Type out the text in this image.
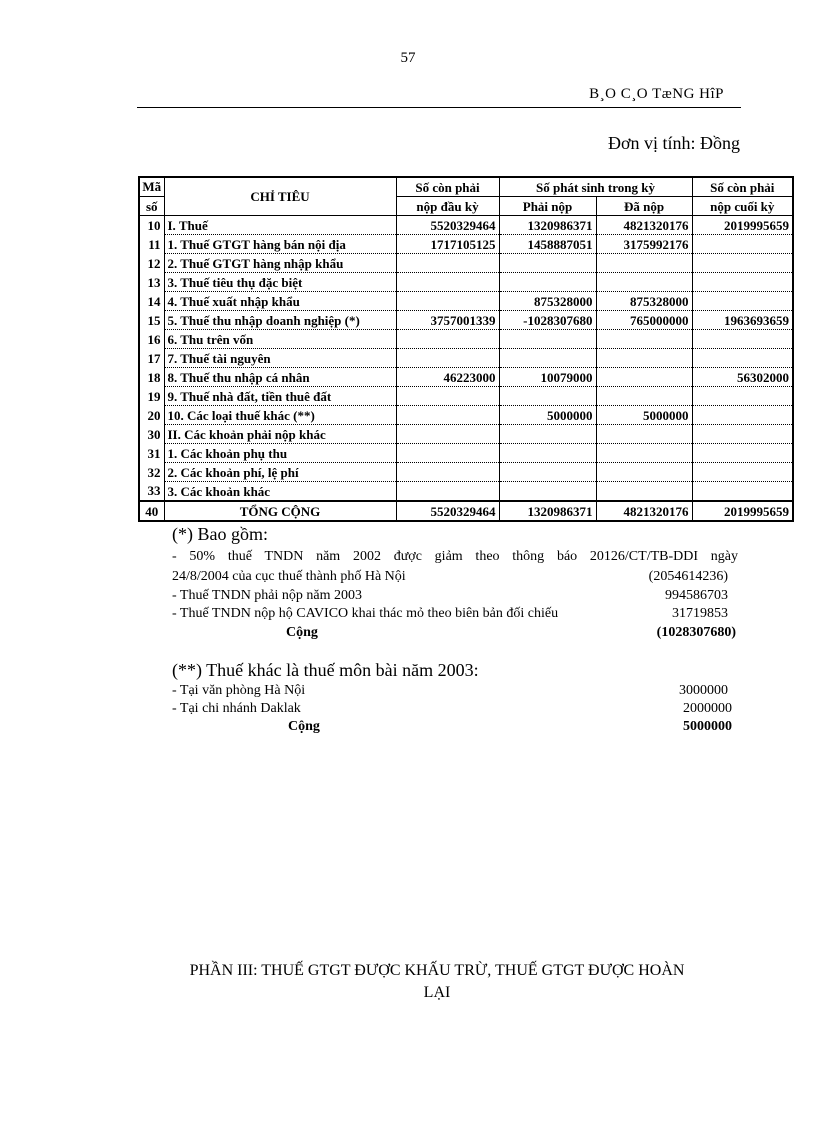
57
B¸O C¸O TæNG HîP
Đơn vị tính: Đồng
Mã	CHỈ TIÊU	Số còn phải	Số phát sinh trong kỳ		Số còn phải
số		nộp đầu kỳ	Phải nộp	Đã nộp	nộp cuối kỳ
10	I. Thuế	5520329464	1320986371	4821320176	2019995659
11	1. Thuế GTGT hàng bán nội địa	1717105125	1458887051	3175992176	
12	2. Thuế GTGT hàng nhập khẩu				
13	3. Thuế tiêu thụ đặc biệt				
14	4. Thuế xuất nhập khẩu		875328000	875328000	
15	5. Thuế thu nhập doanh nghiệp (*)	3757001339	-1028307680	765000000	1963693659
16	6. Thu trên vốn				
17	7. Thuế tài nguyên				
18	8. Thuế thu nhập cá nhân	46223000	10079000		56302000
19	9. Thuế nhà đất, tiền thuê đất				
20	10. Các loại thuế khác (**)		5000000	5000000	
30	II. Các khoản phải nộp khác				
31	1. Các khoản phụ thu				
32	2. Các khoản phí, lệ phí				
33	3. Các khoản khác				
40	TỔNG CỘNG	5520329464	1320986371	4821320176	2019995659
(*) Bao gồm:
- 50% thuế TNDN năm 2002 được giảm theo thông báo 20126/CT/TB-DDI ngày
24/8/2004 của cục thuế thành phố Hà Nội	(2054614236)
- Thuế TNDN phải nộp năm 2003	994586703
- Thuế TNDN nộp hộ CAVICO khai thác mỏ theo biên bản đối chiếu	31719853
Cộng	(1028307680)
(**) Thuế khác là thuế môn bài năm 2003:
- Tại văn phòng Hà Nội	3000000
- Tại chi nhánh Daklak	2000000
Cộng	5000000
PHẦN III: THUẾ GTGT ĐƯỢC KHẤU TRỪ, THUẾ GTGT ĐƯỢC HOÀN
LẠI
